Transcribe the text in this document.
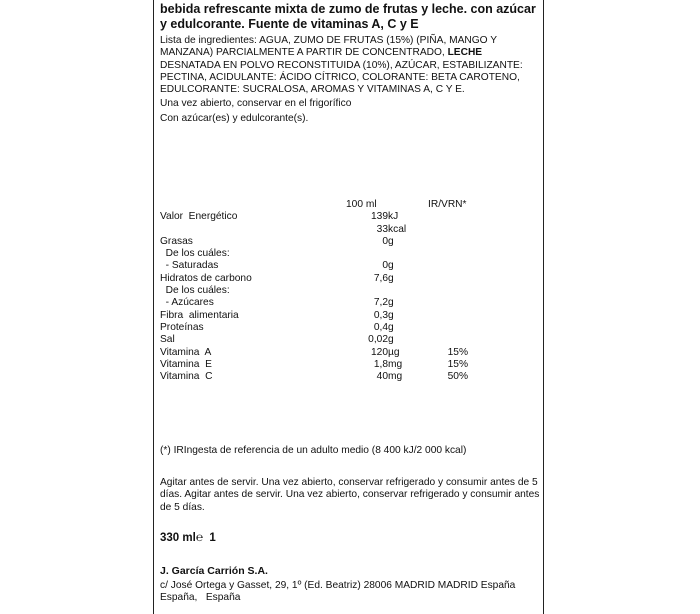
bebida refrescante mixta de zumo de frutas y leche. con azúcar y edulcorante. Fuente de vitaminas A, C y E

Lista de ingredientes: AGUA, ZUMO DE FRUTAS (15%) (PIÑA, MANGO Y MANZANA) PARCIALMENTE A PARTIR DE CONCENTRADO, LECHE DESNATADA EN POLVO RECONSTITUIDA (10%), AZÚCAR, ESTABILIZANTE: PECTINA, ACIDULANTE: ÁCIDO CÍTRICO, COLORANTE: BETA CAROTENO, EDULCORANTE: SUCRALOSA, AROMAS Y VITAMINAS A, C Y E.

Una vez abierto, conservar en el frigorífico

Con azúcar(es) y edulcorante(s).

	100 ml		IR/VRN*
Valor  Energético	139	kJ	
	33	kcal	
Grasas	0	g	
De los cuáles:			
- Saturadas	0	g	
Hidratos de carbono	7,6	g	
De los cuáles:			
- Azúcares	7,2	g	
Fibra  alimentaria	0,3	g	
Proteínas	0,4	g	
Sal	0,02	g	
Vitamina  A	120	µg	15%
Vitamina  E	1,8	mg	15%
Vitamina  C	40	mg	50%

(*) IRIngesta de referencia de un adulto medio (8 400 kJ/2 000 kcal)

Agitar antes de servir. Una vez abierto, conservar refrigerado y consumir antes de 5 días. Agitar antes de servir. Una vez abierto, conservar refrigerado y consumir antes de 5 días.

330 ml℮ 1
J. García Carrión S.A.
c/ José Ortega y Gasset, 29, 1º (Ed. Beatriz) 28006 MADRID MADRID España
España,   España
